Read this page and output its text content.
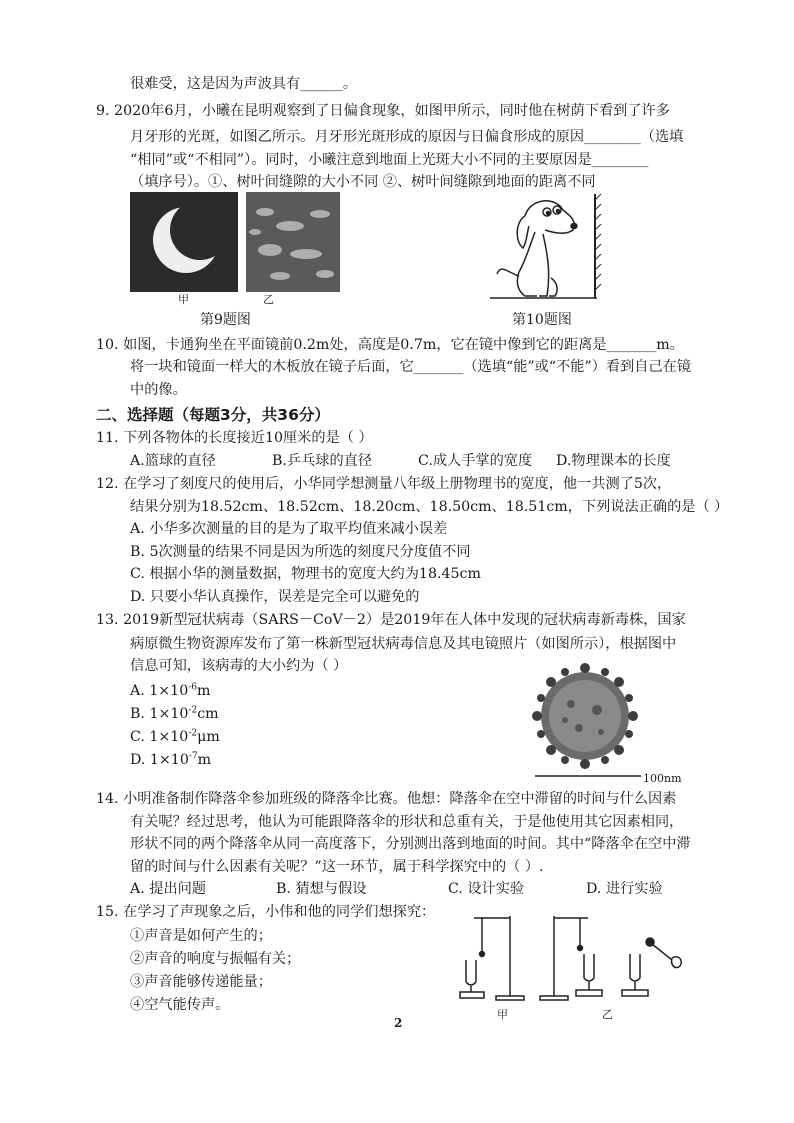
很难受，这是因为声波具有______。
9. 2020年6月，小曦在昆明观察到了日偏食现象，如图甲所示，同时他在树荫下看到了许多
月牙形的光斑，如图乙所示。月牙形光斑形成的原因与日偏食形成的原因________（选填
“相同”或“不相同”）。同时，小曦注意到地面上光斑大小不同的主要原因是________
（填序号）。①、树叶间缝隙的大小不同 ②、树叶间缝隙到地面的距离不同
甲	乙
第9题图	第10题图
10. 如图，卡通狗坐在平面镜前0.2m处，高度是0.7m，它在镜中像到它的距离是_______m。
将一块和镜面一样大的木板放在镜子后面，它_______（选填“能”或“不能”）看到自己在镜
中的像。
二、选择题（每题3分，共36分）
11. 下列各物体的长度接近10厘米的是（ ）
A.篮球的直径	B.乒乓球的直径	C.成人手掌的宽度 D.物理课本的长度
12. 在学习了刻度尺的使用后，小华同学想测量八年级上册物理书的宽度，他一共测了5次，
结果分别为18.52cm、18.52cm、18.20cm、18.50cm、18.51cm，下列说法正确的是（ ）
A. 小华多次测量的目的是为了取平均值来减小误差
B. 5次测量的结果不同是因为所选的刻度尺分度值不同
C. 根据小华的测量数据，物理书的宽度大约为18.45cm
D. 只要小华认真操作，误差是完全可以避免的
13. 2019新型冠状病毒（SARS－CoV－2）是2019年在人体中发现的冠状病毒新毒株，国家
病原微生物资源库发布了第一株新型冠状病毒信息及其电镜照片（如图所示），根据图中
信息可知，该病毒的大小约为（ ）
A. $1\times 10^{-6}m$
B. $1\times 10^{-2}cm$
C. $1\times 10^{-2}\mu m$
D. $1\times 10^{-7}m$
100nm
14. 小明准备制作降落伞参加班级的降落伞比赛。他想：降落伞在空中滞留的时间与什么因素
有关呢？经过思考，他认为可能跟降落伞的形状和总重有关，于是他使用其它因素相同，
形状不同的两个降落伞从同一高度落下，分别测出落到地面的时间。其中“降落伞在空中滞
留的时间与什么因素有关呢？”这一环节，属于科学探究中的（ ）.
A. 提出问题	B. 猜想与假设	C. 设计实验	D. 进行实验
15. 在学习了声现象之后，小伟和他的同学们想探究：
①声音是如何产生的；
②声音的响度与振幅有关；
③声音能够传递能量；
④空气能传声。
甲	乙
2
